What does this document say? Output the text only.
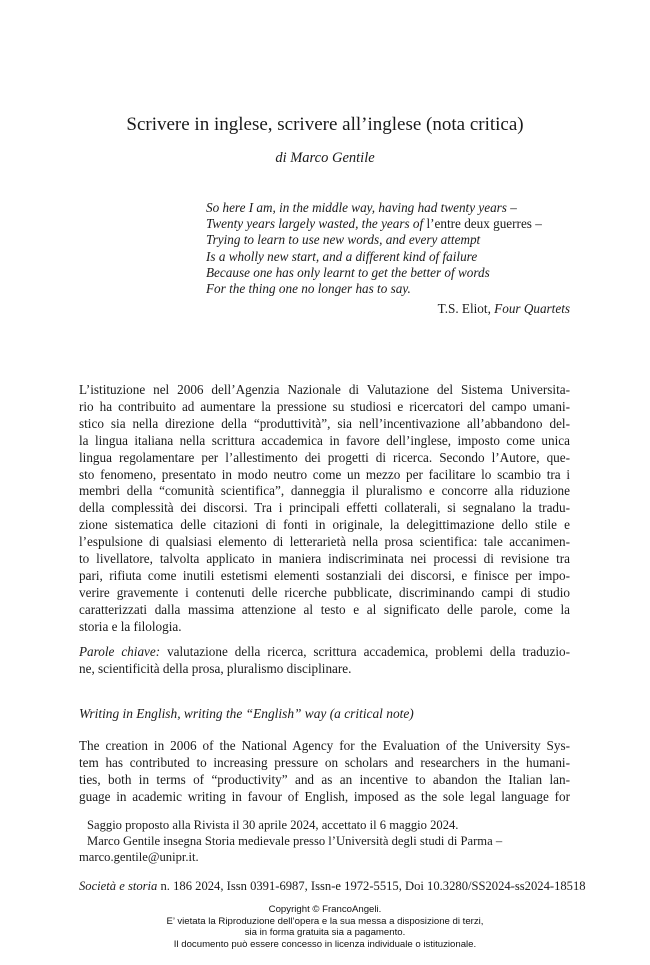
Scrivere in inglese, scrivere all’inglese (nota critica)
di Marco Gentile
So here I am, in the middle way, having had twenty years –
Twenty years largely wasted, the years of l’entre deux guerres –
Trying to learn to use new words, and every attempt
Is a wholly new start, and a different kind of failure
Because one has only learnt to get the better of words
For the thing one no longer has to say.
T.S. Eliot, Four Quartets
L’istituzione nel 2006 dell’Agenzia Nazionale di Valutazione del Sistema Universita-
rio ha contribuito ad aumentare la pressione su studiosi e ricercatori del campo umani-
stico sia nella direzione della “produttività”, sia nell’incentivazione all’abbandono del-
la lingua italiana nella scrittura accademica in favore dell’inglese, imposto come unica
lingua regolamentare per l’allestimento dei progetti di ricerca. Secondo l’Autore, que-
sto fenomeno, presentato in modo neutro come un mezzo per facilitare lo scambio tra i
membri della “comunità scientifica”, danneggia il pluralismo e concorre alla riduzione
della complessità dei discorsi. Tra i principali effetti collaterali, si segnalano la tradu-
zione sistematica delle citazioni di fonti in originale, la delegittimazione dello stile e
l’espulsione di qualsiasi elemento di letterarietà nella prosa scientifica: tale accanimen-
to livellatore, talvolta applicato in maniera indiscriminata nei processi di revisione tra
pari, rifiuta come inutili estetismi elementi sostanziali dei discorsi, e finisce per impo-
verire gravemente i contenuti delle ricerche pubblicate, discriminando campi di studio
caratterizzati dalla massima attenzione al testo e al significato delle parole, come la
storia e la filologia.
Parole chiave: valutazione della ricerca, scrittura accademica, problemi della traduzio-
ne, scientificità della prosa, pluralismo disciplinare.
Writing in English, writing the “English” way (a critical note)
The creation in 2006 of the National Agency for the Evaluation of the University Sys-
tem has contributed to increasing pressure on scholars and researchers in the humani-
ties, both in terms of “productivity” and as an incentive to abandon the Italian lan-
guage in academic writing in favour of English, imposed as the sole legal language for
Saggio proposto alla Rivista il 30 aprile 2024, accettato il 6 maggio 2024.
Marco Gentile insegna Storia medievale presso l’Università degli studi di Parma –
marco.gentile@unipr.it.
Società e storia n. 186 2024, Issn 0391-6987, Issn-e 1972-5515, Doi 10.3280/SS2024-ss2024-18518
Copyright © FrancoAngeli.
E’ vietata la Riproduzione dell’opera e la sua messa a disposizione di terzi,
sia in forma gratuita sia a pagamento.
Il documento può essere concesso in licenza individuale o istituzionale.
